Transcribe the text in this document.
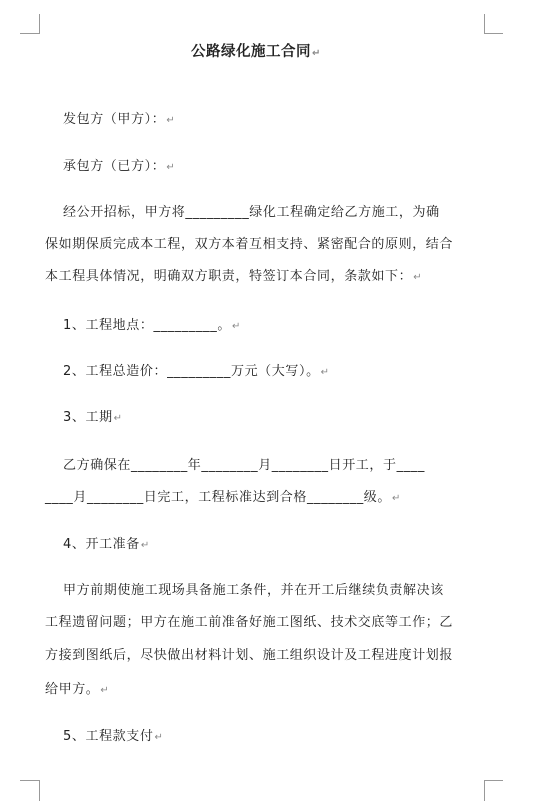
公路绿化施工合同↵
发包方（甲方）：↵
承包方（已方）：↵
经公开招标，甲方将_________绿化工程确定给乙方施工，为确
保如期保质完成本工程，双方本着互相支持、紧密配合的原则，结合
本工程具体情况，明确双方职责，特签订本合同，条款如下：↵
1、工程地点：_________。↵
2、工程总造价：_________万元（大写）。↵
3、工期↵
乙方确保在________年________月________日开工，于____
____月________日完工，工程标准达到合格________级。↵
4、开工准备↵
甲方前期使施工现场具备施工条件，并在开工后继续负责解决该
工程遗留问题；甲方在施工前准备好施工图纸、技术交底等工作；乙
方接到图纸后，尽快做出材料计划、施工组织设计及工程进度计划报
给甲方。↵
5、工程款支付↵
